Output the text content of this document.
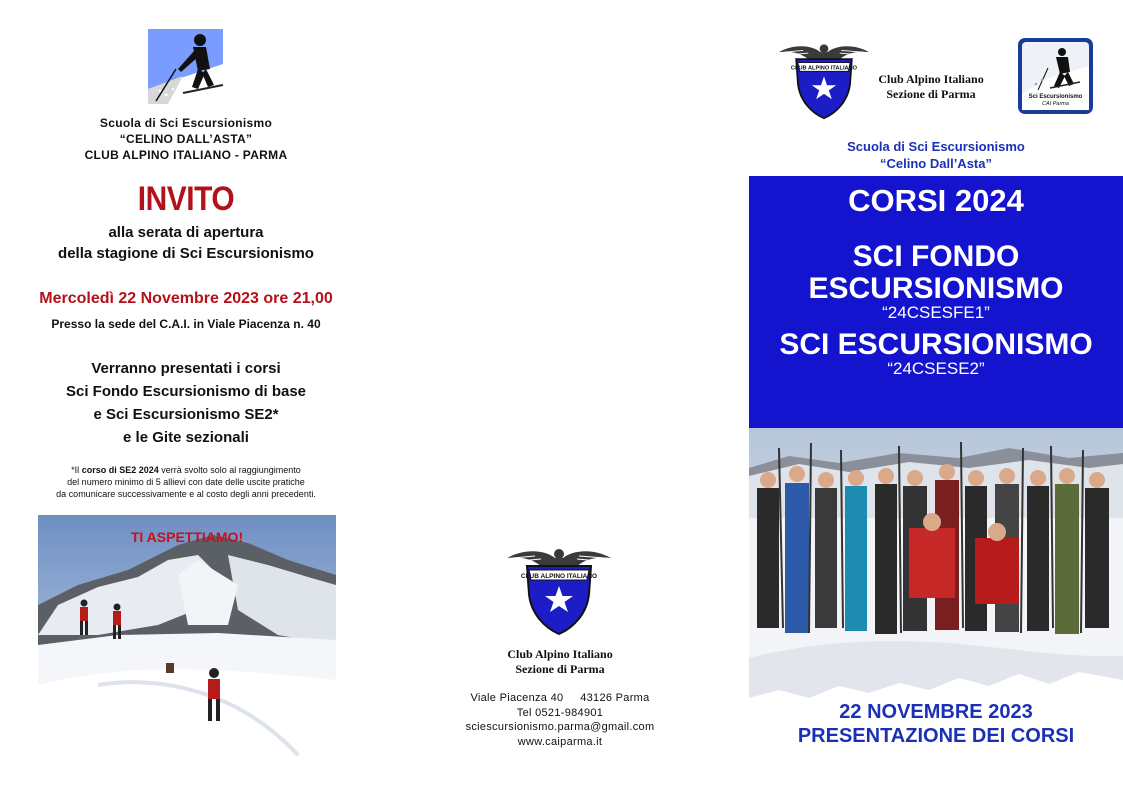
Scuola di Sci Escursionismo
“CELINO DALL’ASTA”
CLUB ALPINO ITALIANO - PARMA
INVITO
alla serata di apertura
della stagione di Sci Escursionismo
Mercoledì 22 Novembre 2023 ore 21,00
Presso la sede del C.A.I. in Viale Piacenza n. 40
Verranno presentati i corsi
Sci Fondo Escursionismo di base
e Sci Escursionismo SE2*
e le Gite sezionali
*Il corso di SE2 2024 verrà svolto solo al raggiungimento
del numero minimo di 5 allievi con date delle uscite pratiche
da comunicare successivamente e al costo degli anni precedenti.
TI ASPETTIAMO!
CLUB ALPINO ITALIANO
Club Alpino Italiano
Sezione di Parma
Viale Piacenza 40     43126 Parma
Tel 0521-984901
sciescursionismo.parma@gmail.com
www.caiparma.it
CLUB ALPINO ITALIANO
Club Alpino Italiano
Sezione di Parma	Sci Escursionismo
CAI Parma
Scuola di Sci Escursionismo
“Celino Dall’Asta”
CORSI 2024
SCI FONDO
ESCURSIONISMO
“24CSESFE1”
SCI ESCURSIONISMO
“24CSESE2”
22 NOVEMBRE 2023
PRESENTAZIONE DEI CORSI
